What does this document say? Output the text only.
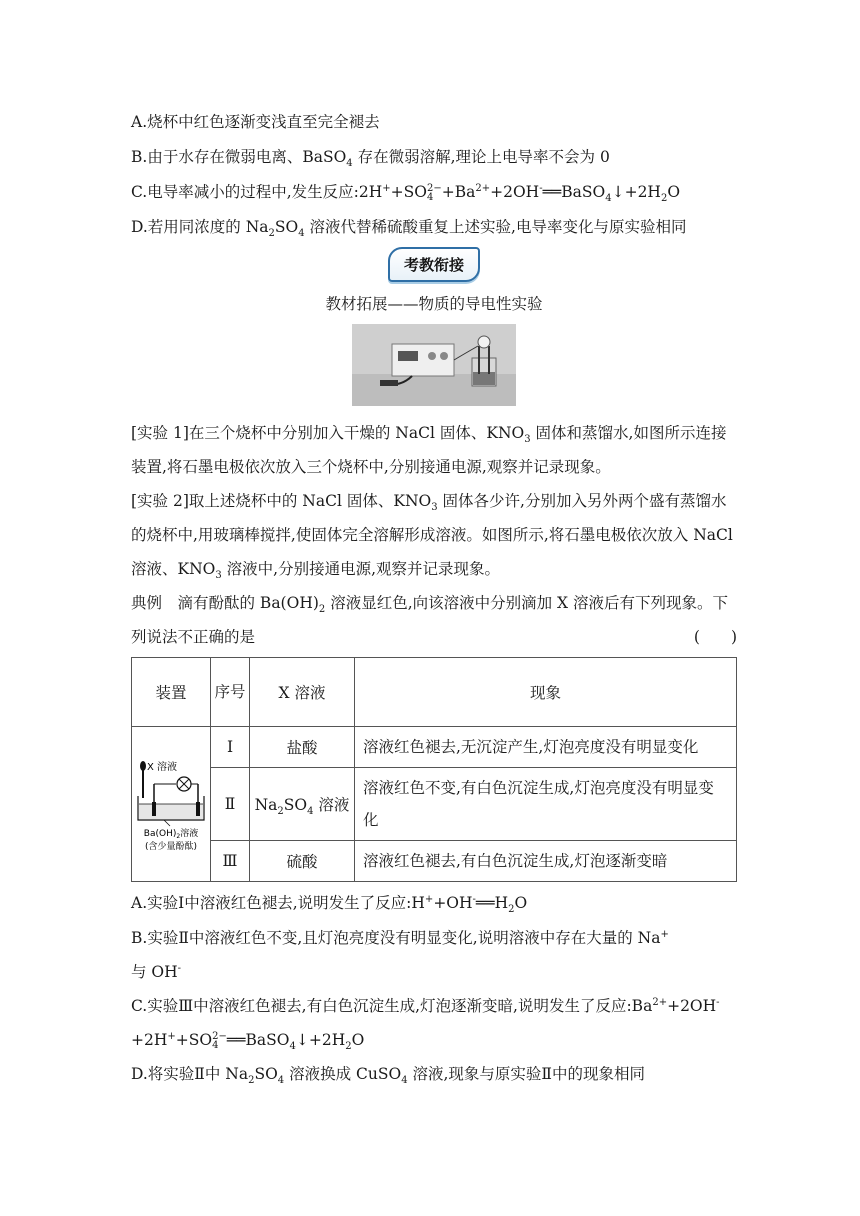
A.烧杯中红色逐渐变浅直至完全褪去
B.由于水存在微弱电离、BaSO$_4$ 存在微弱溶解,理论上电导率不会为 0
C.电导率减小的过程中,发生反应:2H++SO2−
$4 +Ba^{2+}+2OH^-══BaSO_4↓+2H_2O$
D.若用同浓度的 $Na_2SO_4$ 溶液代替稀硫酸重复上述实验,电导率变化与原实验相同
考教衔接
教材拓展——物质的导电性实验
[实验 1]在三个烧杯中分别加入干燥的 NaCl 固体、$KNO_3$ 固体和蒸馏水,如图所示连接装置,将石墨电极依次放入三个烧杯中,分别接通电源,观察并记录现象。
[实验 2]取上述烧杯中的 NaCl 固体、$KNO_3$ 固体各少许,分别加入另外两个盛有蒸馏水的烧杯中,用玻璃棒搅拌,使固体完全溶解形成溶液。如图所示,将石墨电极依次放入 NaCl 溶液、$KNO_3$ 溶液中,分别接通电源,观察并记录现象。
典例　滴有酚酞的 $Ba(OH)_2$ 溶液显红色,向该溶液中分别滴加 X 溶液后有下列现象。下列说法不正确的是	(　　)
装置	序号	X 溶液	现象

X 溶液
$Ba(OH)_2$溶液
(含少量酚酞)	Ⅰ	盐酸	溶液红色褪去,无沉淀产生,灯泡亮度没有明显变化
	Ⅱ	$Na_2SO_4$ 溶液	溶液红色不变,有白色沉淀生成,灯泡亮度没有明显变化
	Ⅲ	硫酸	溶液红色褪去,有白色沉淀生成,灯泡逐渐变暗
A.实验Ⅰ中溶液红色褪去,说明发生了反应$:H^++OH^-══H_2O$
B.实验Ⅱ中溶液红色不变,且灯泡亮度没有明显变化,说明溶液中存在大量的 Na+
与 OH-
C.实验Ⅲ中溶液红色褪去,有白色沉淀生成,灯泡逐渐变暗,说明发生了反应$:Ba^{2+}+2OH^-+2H^++SO2-$
4 $══BaSO_4↓+2H_2O$
D.将实验Ⅱ中 $Na_2SO_4$ 溶液换成 CuSO$_4$ 溶液,现象与原实验Ⅱ中的现象相同
